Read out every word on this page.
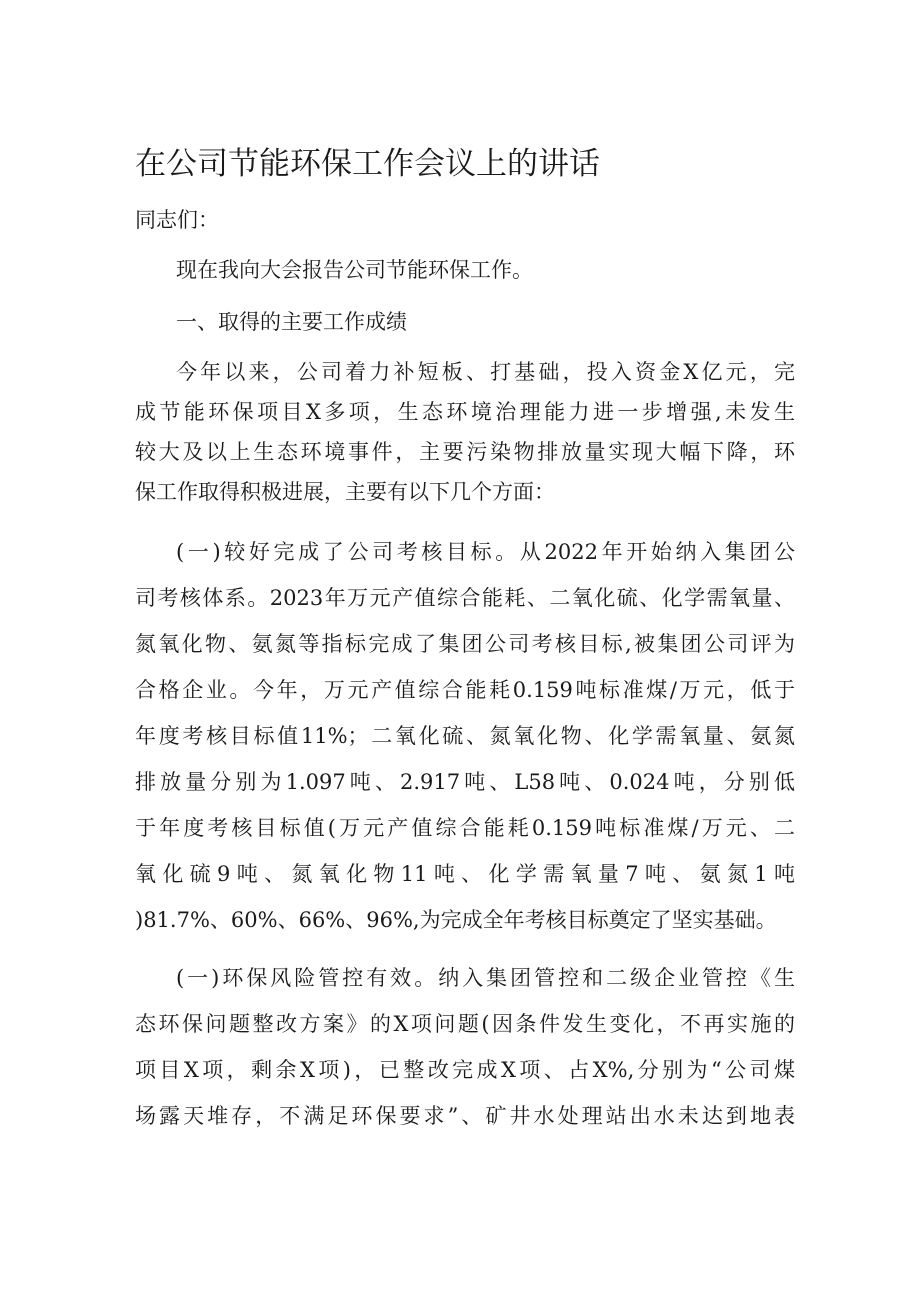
在公司节能环保工作会议上的讲话
同志们：
现在我向大会报告公司节能环保工作。
一、取得的主要工作成绩
今年以来，公司着力补短板、打基础，投入资金X亿元，完
成节能环保项目X多项，生态环境治理能力进一步增强,未发生
较大及以上生态环境事件，主要污染物排放量实现大幅下降，环
保工作取得积极进展，主要有以下几个方面：
(一)较好完成了公司考核目标。从2022年开始纳入集团公
司考核体系。2023年万元产值综合能耗、二氧化硫、化学需氧量、
氮氧化物、氨氮等指标完成了集团公司考核目标,被集团公司评为
合格企业。今年，万元产值综合能耗0.159吨标准煤/万元，低于
年度考核目标值11%；二氧化硫、氮氧化物、化学需氧量、氨氮
排放量分别为1.097吨、2.917吨、L58吨、0.024吨，分别低
于年度考核目标值(万元产值综合能耗0.159吨标准煤/万元、二
氧化硫9吨、氮氧化物11吨、化学需氧量7吨、氨氮1吨
)81.7%、60%、66%、96%,为完成全年考核目标奠定了坚实基础。
(一)环保风险管控有效。纳入集团管控和二级企业管控《生
态环保问题整改方案》的X项问题(因条件发生变化，不再实施的
项目X项，剩余X项)，已整改完成X项、占X%,分别为“公司煤
场露天堆存，不满足环保要求”、矿井水处理站出水未达到地表
